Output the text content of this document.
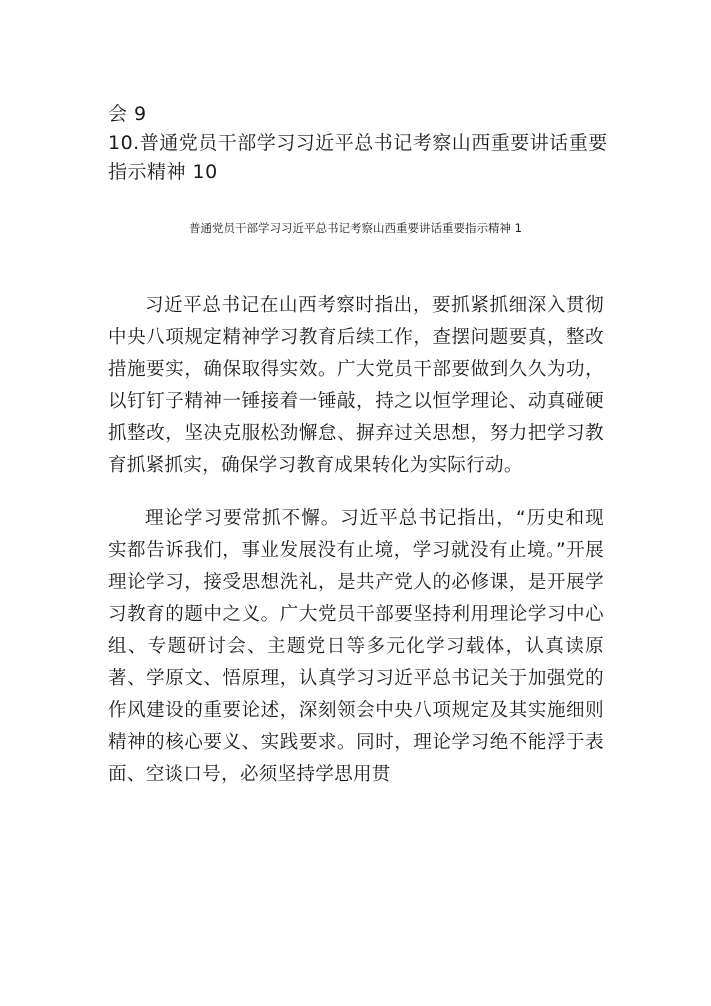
会 9
10.普通党员干部学习习近平总书记考察山西重要讲话重要
指示精神 10
普通党员干部学习习近平总书记考察山西重要讲话重要指示精神 1

习近平总书记在山西考察时指出，要抓紧抓细深入贯彻中央八项规定精神学习教育后续工作，查摆问题要真，整改措施要实，确保取得实效。广大党员干部要做到久久为功，以钉钉子精神一锤接着一锤敲，持之以恒学理论、动真碰硬抓整改，坚决克服松劲懈怠、摒弃过关思想，努力把学习教育抓紧抓实，确保学习教育成果转化为实际行动。

理论学习要常抓不懈。习近平总书记指出，“历史和现实都告诉我们，事业发展没有止境，学习就没有止境。”开展理论学习，接受思想洗礼，是共产党人的必修课，是开展学习教育的题中之义。广大党员干部要坚持利用理论学习中心组、专题研讨会、主题党日等多元化学习载体，认真读原著、学原文、悟原理，认真学习习近平总书记关于加强党的作风建设的重要论述，深刻领会中央八项规定及其实施细则精神的核心要义、实践要求。同时，理论学习绝不能浮于表面、空谈口号，必须坚持学思用贯
